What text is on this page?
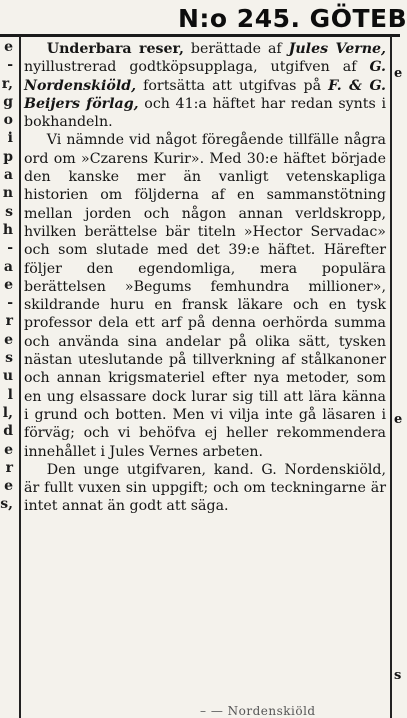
N:o 245. GÖTEB
e
-
r,
g
o
i
p
a
n
s
h
-
a
e
-
r
e
s
u
l
l,
d
e
r
e
s,

Underbara reser, berättade af Jules Verne, nyillustrerad godtköpsupplaga, utgifven af G. Nordenskiöld, fortsätta att utgifvas på F. & G. Beijers förlag, och 41:a häftet har redan synts i bokhandeln.

Vi nämnde vid något föregående tillfälle några ord om »Czarens Kurir». Med 30:e häftet började den kanske mer än vanligt vetenskapliga historien om följderna af en sammanstötning mellan jorden och någon annan verldskropp, hvilken berättelse bär titeln »Hector Servadac» och som slutade med det 39:e häftet. Härefter följer den egendomliga, mera populära berättelsen »Begums femhundra millioner», skildrande huru en fransk läkare och en tysk professor dela ett arf på denna oerhörda summa och använda sina andelar på olika sätt, tysken nästan uteslutande på tillverkning af stålkanoner och annan krigsmateriel efter nya metoder, som en ung elsassare dock lurar sig till att lära känna i grund och botten. Men vi vilja inte gå läsaren i förväg; och vi behöfva ej heller rekommendera innehållet i Jules Vernes arbeten.

Den unge utgifvaren, kand. G. Nordenskiöld, är fullt vuxen sin uppgift; och om teckningarne är intet annat än godt att säga.

e
e
s
– — Nordenskiöld
